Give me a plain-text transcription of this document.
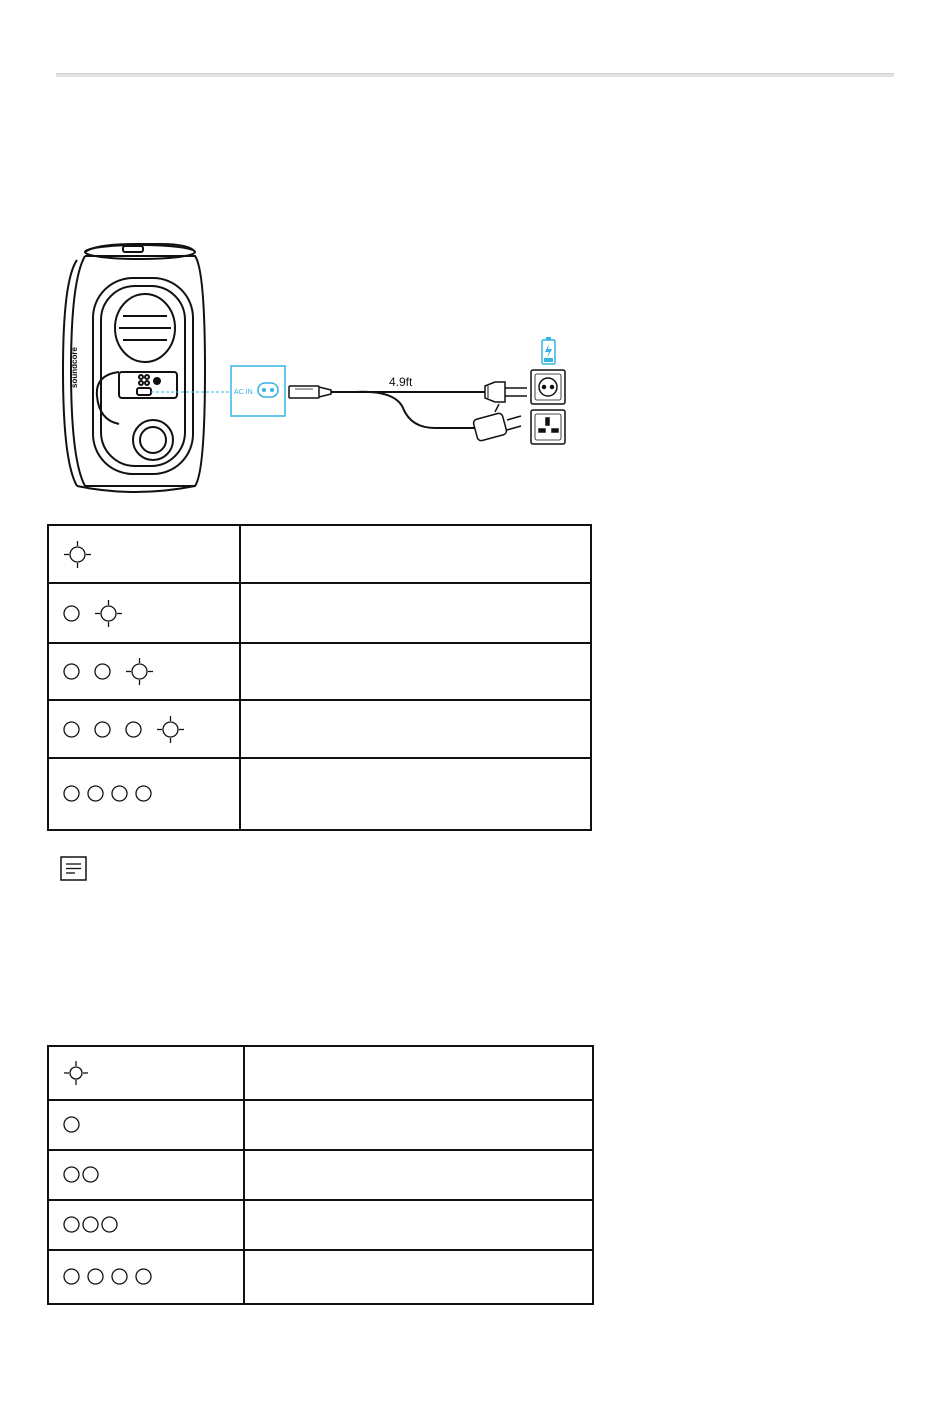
soundcore
AC IN
4.9ft
